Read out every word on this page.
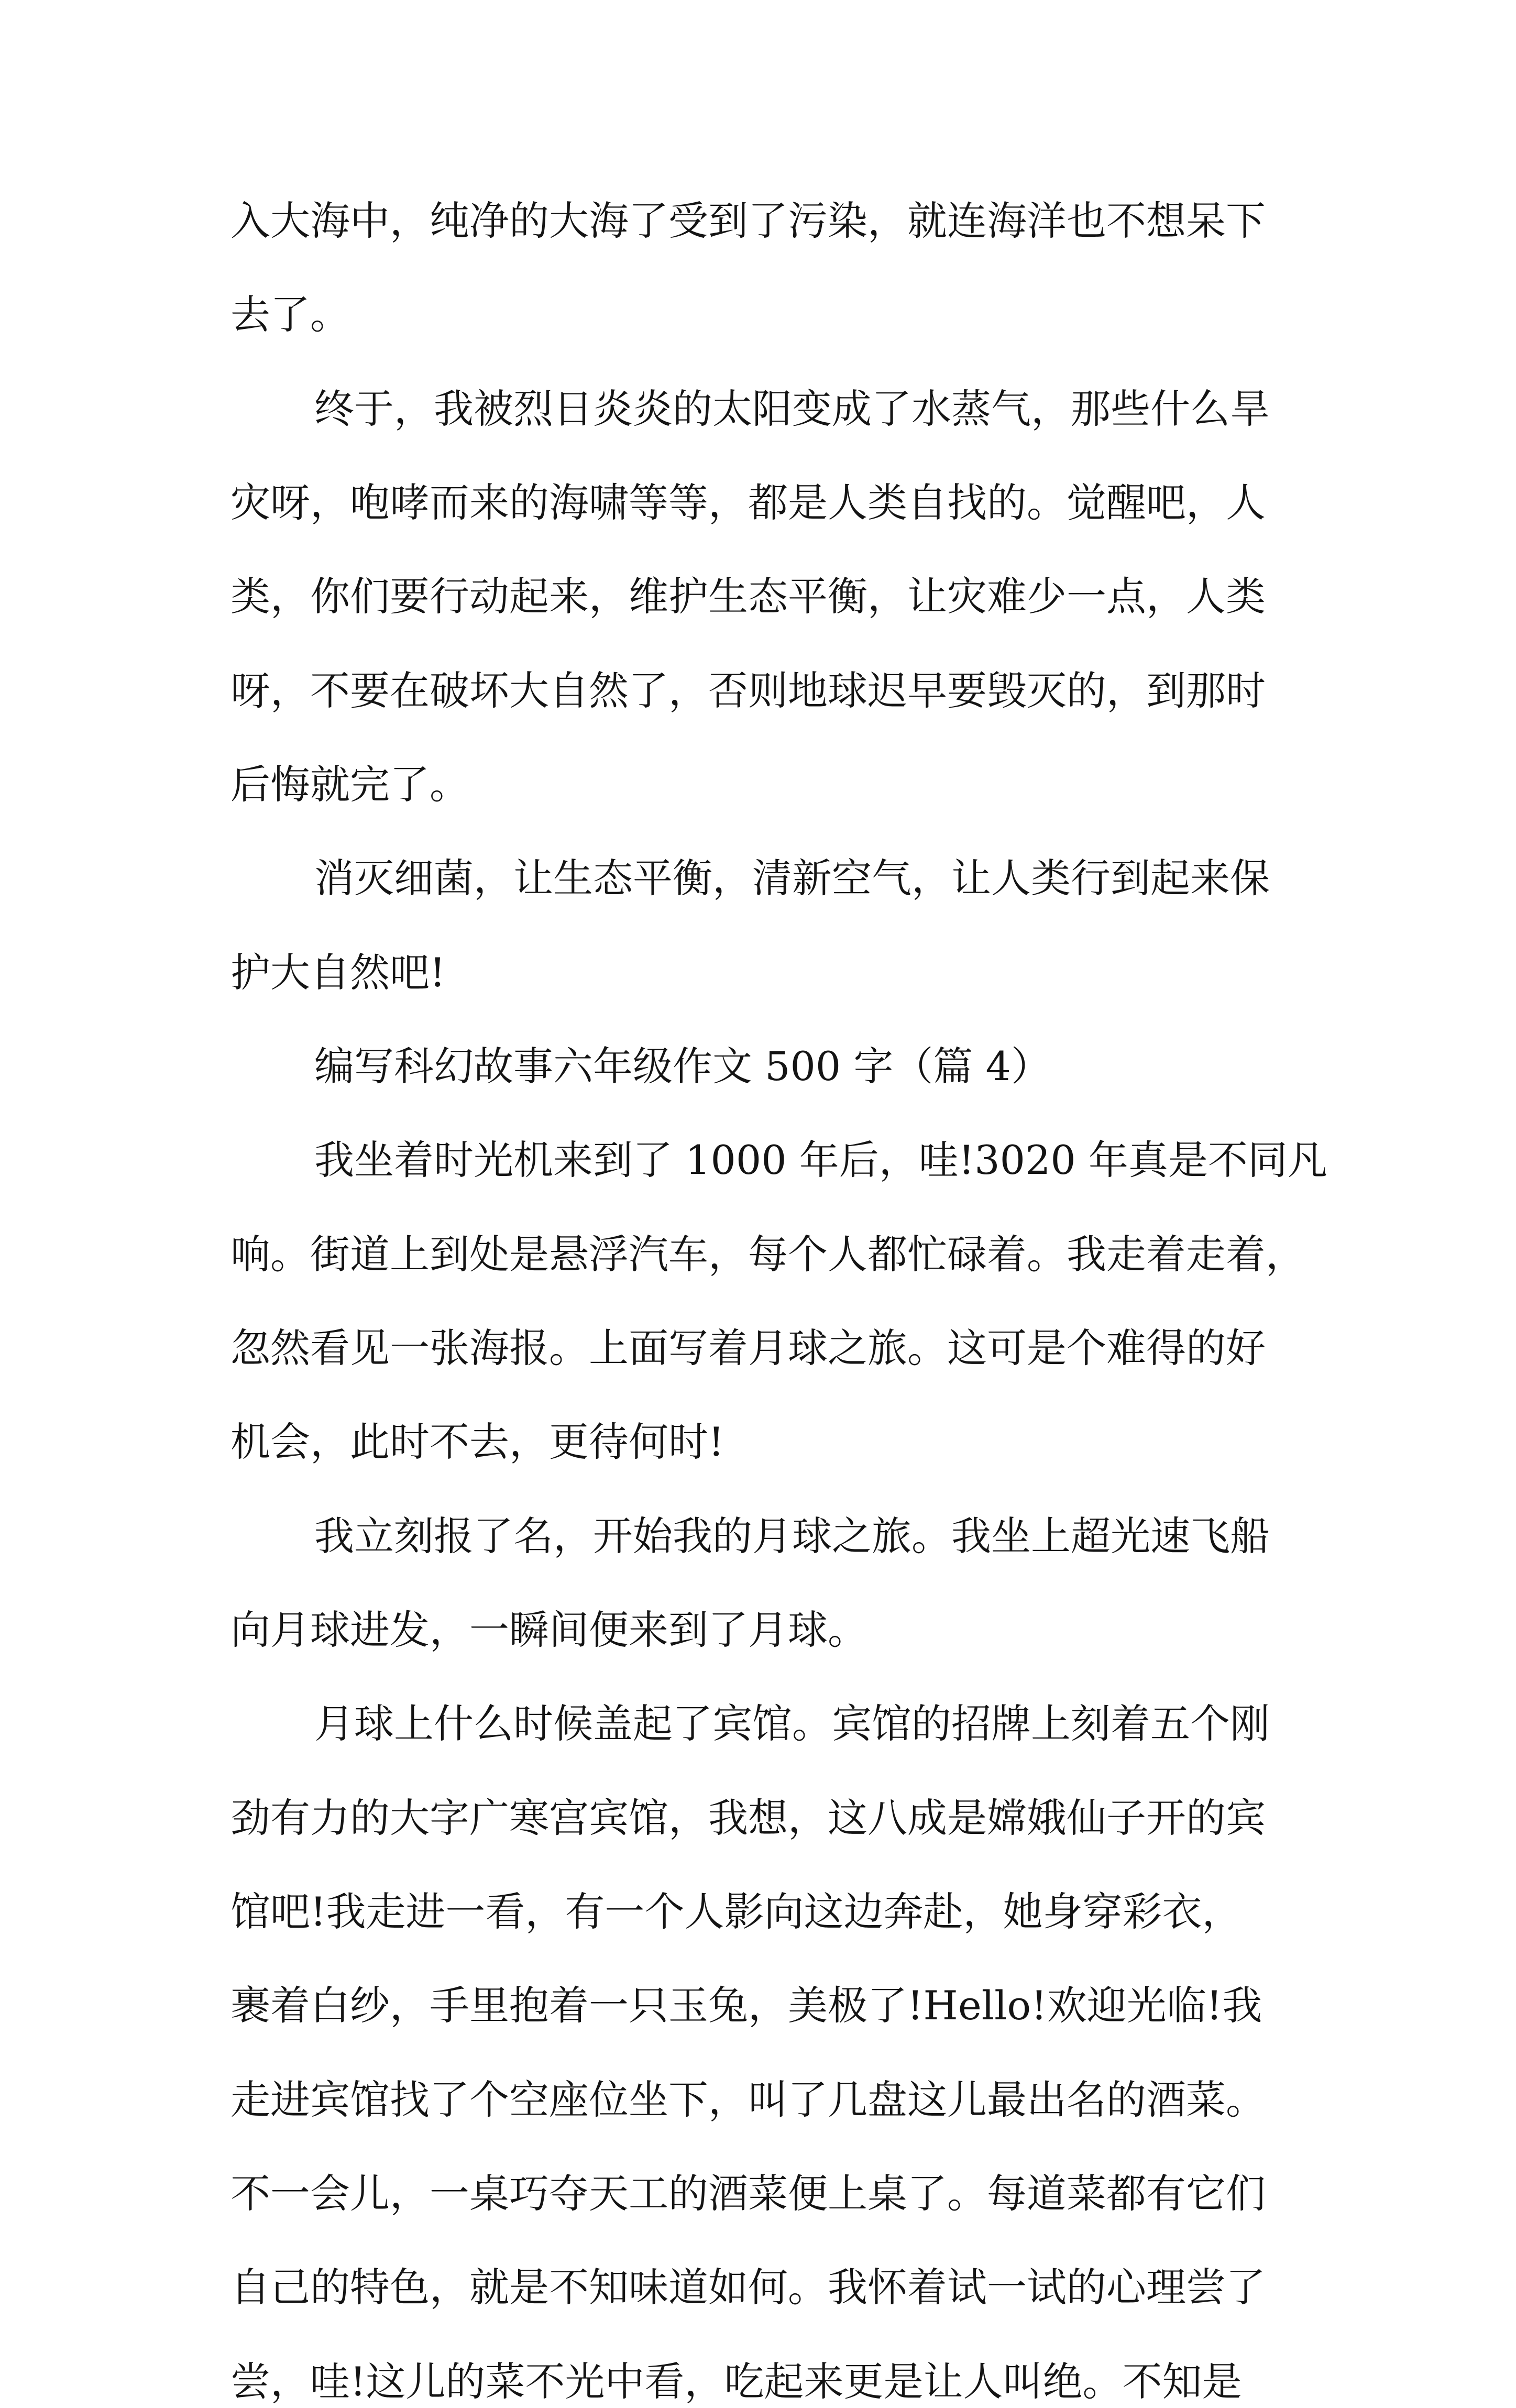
入大海中，纯净的大海了受到了污染，就连海洋也不想呆下
去了。
终于，我被烈日炎炎的太阳变成了水蒸气，那些什么旱
灾呀，咆哮而来的海啸等等，都是人类自找的。觉醒吧，人
类，你们要行动起来，维护生态平衡，让灾难少一点，人类
呀，不要在破坏大自然了，否则地球迟早要毁灭的，到那时
后悔就完了。
消灭细菌，让生态平衡，清新空气，让人类行到起来保
护大自然吧!
编写科幻故事六年级作文 500 字（篇 4）
我坐着时光机来到了 1000 年后，哇!3020 年真是不同凡
响。街道上到处是悬浮汽车，每个人都忙碌着。我走着走着，
忽然看见一张海报。上面写着月球之旅。这可是个难得的好
机会，此时不去，更待何时!
我立刻报了名，开始我的月球之旅。我坐上超光速飞船
向月球进发，一瞬间便来到了月球。
月球上什么时候盖起了宾馆。宾馆的招牌上刻着五个刚
劲有力的大字广寒宫宾馆，我想，这八成是嫦娥仙子开的宾
馆吧!我走进一看，有一个人影向这边奔赴，她身穿彩衣，
裹着白纱，手里抱着一只玉兔，美极了!Hello!欢迎光临!我
走进宾馆找了个空座位坐下，叫了几盘这儿最出名的酒菜。
不一会儿，一桌巧夺天工的酒菜便上桌了。每道菜都有它们
自己的特色，就是不知味道如何。我怀着试一试的心理尝了
尝，哇!这儿的菜不光中看，吃起来更是让人叫绝。不知是
